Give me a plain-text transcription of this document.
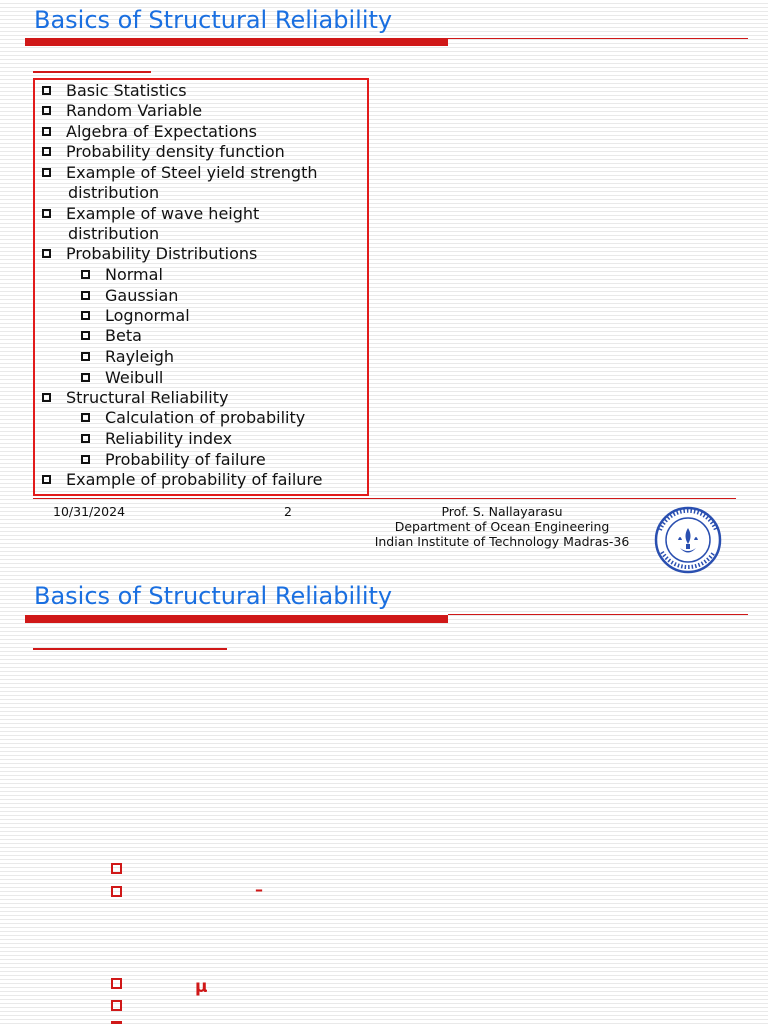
Basics of Structural Reliability
Basic Statistics
Random Variable
Algebra of Expectations
Probability density function
Example of Steel yield strength
distribution
Example of wave height
distribution
Probability Distributions
Normal
Gaussian
Lognormal
Beta
Rayleigh
Weibull
Structural Reliability
Calculation of probability
Reliability index
Probability of failure
Example of probability of failure
10/31/2024	2	Prof. S. Nallayarasu
Department of Ocean Engineering
Indian Institute of Technology Madras-36
Basics of Structural Reliability
–
μ
